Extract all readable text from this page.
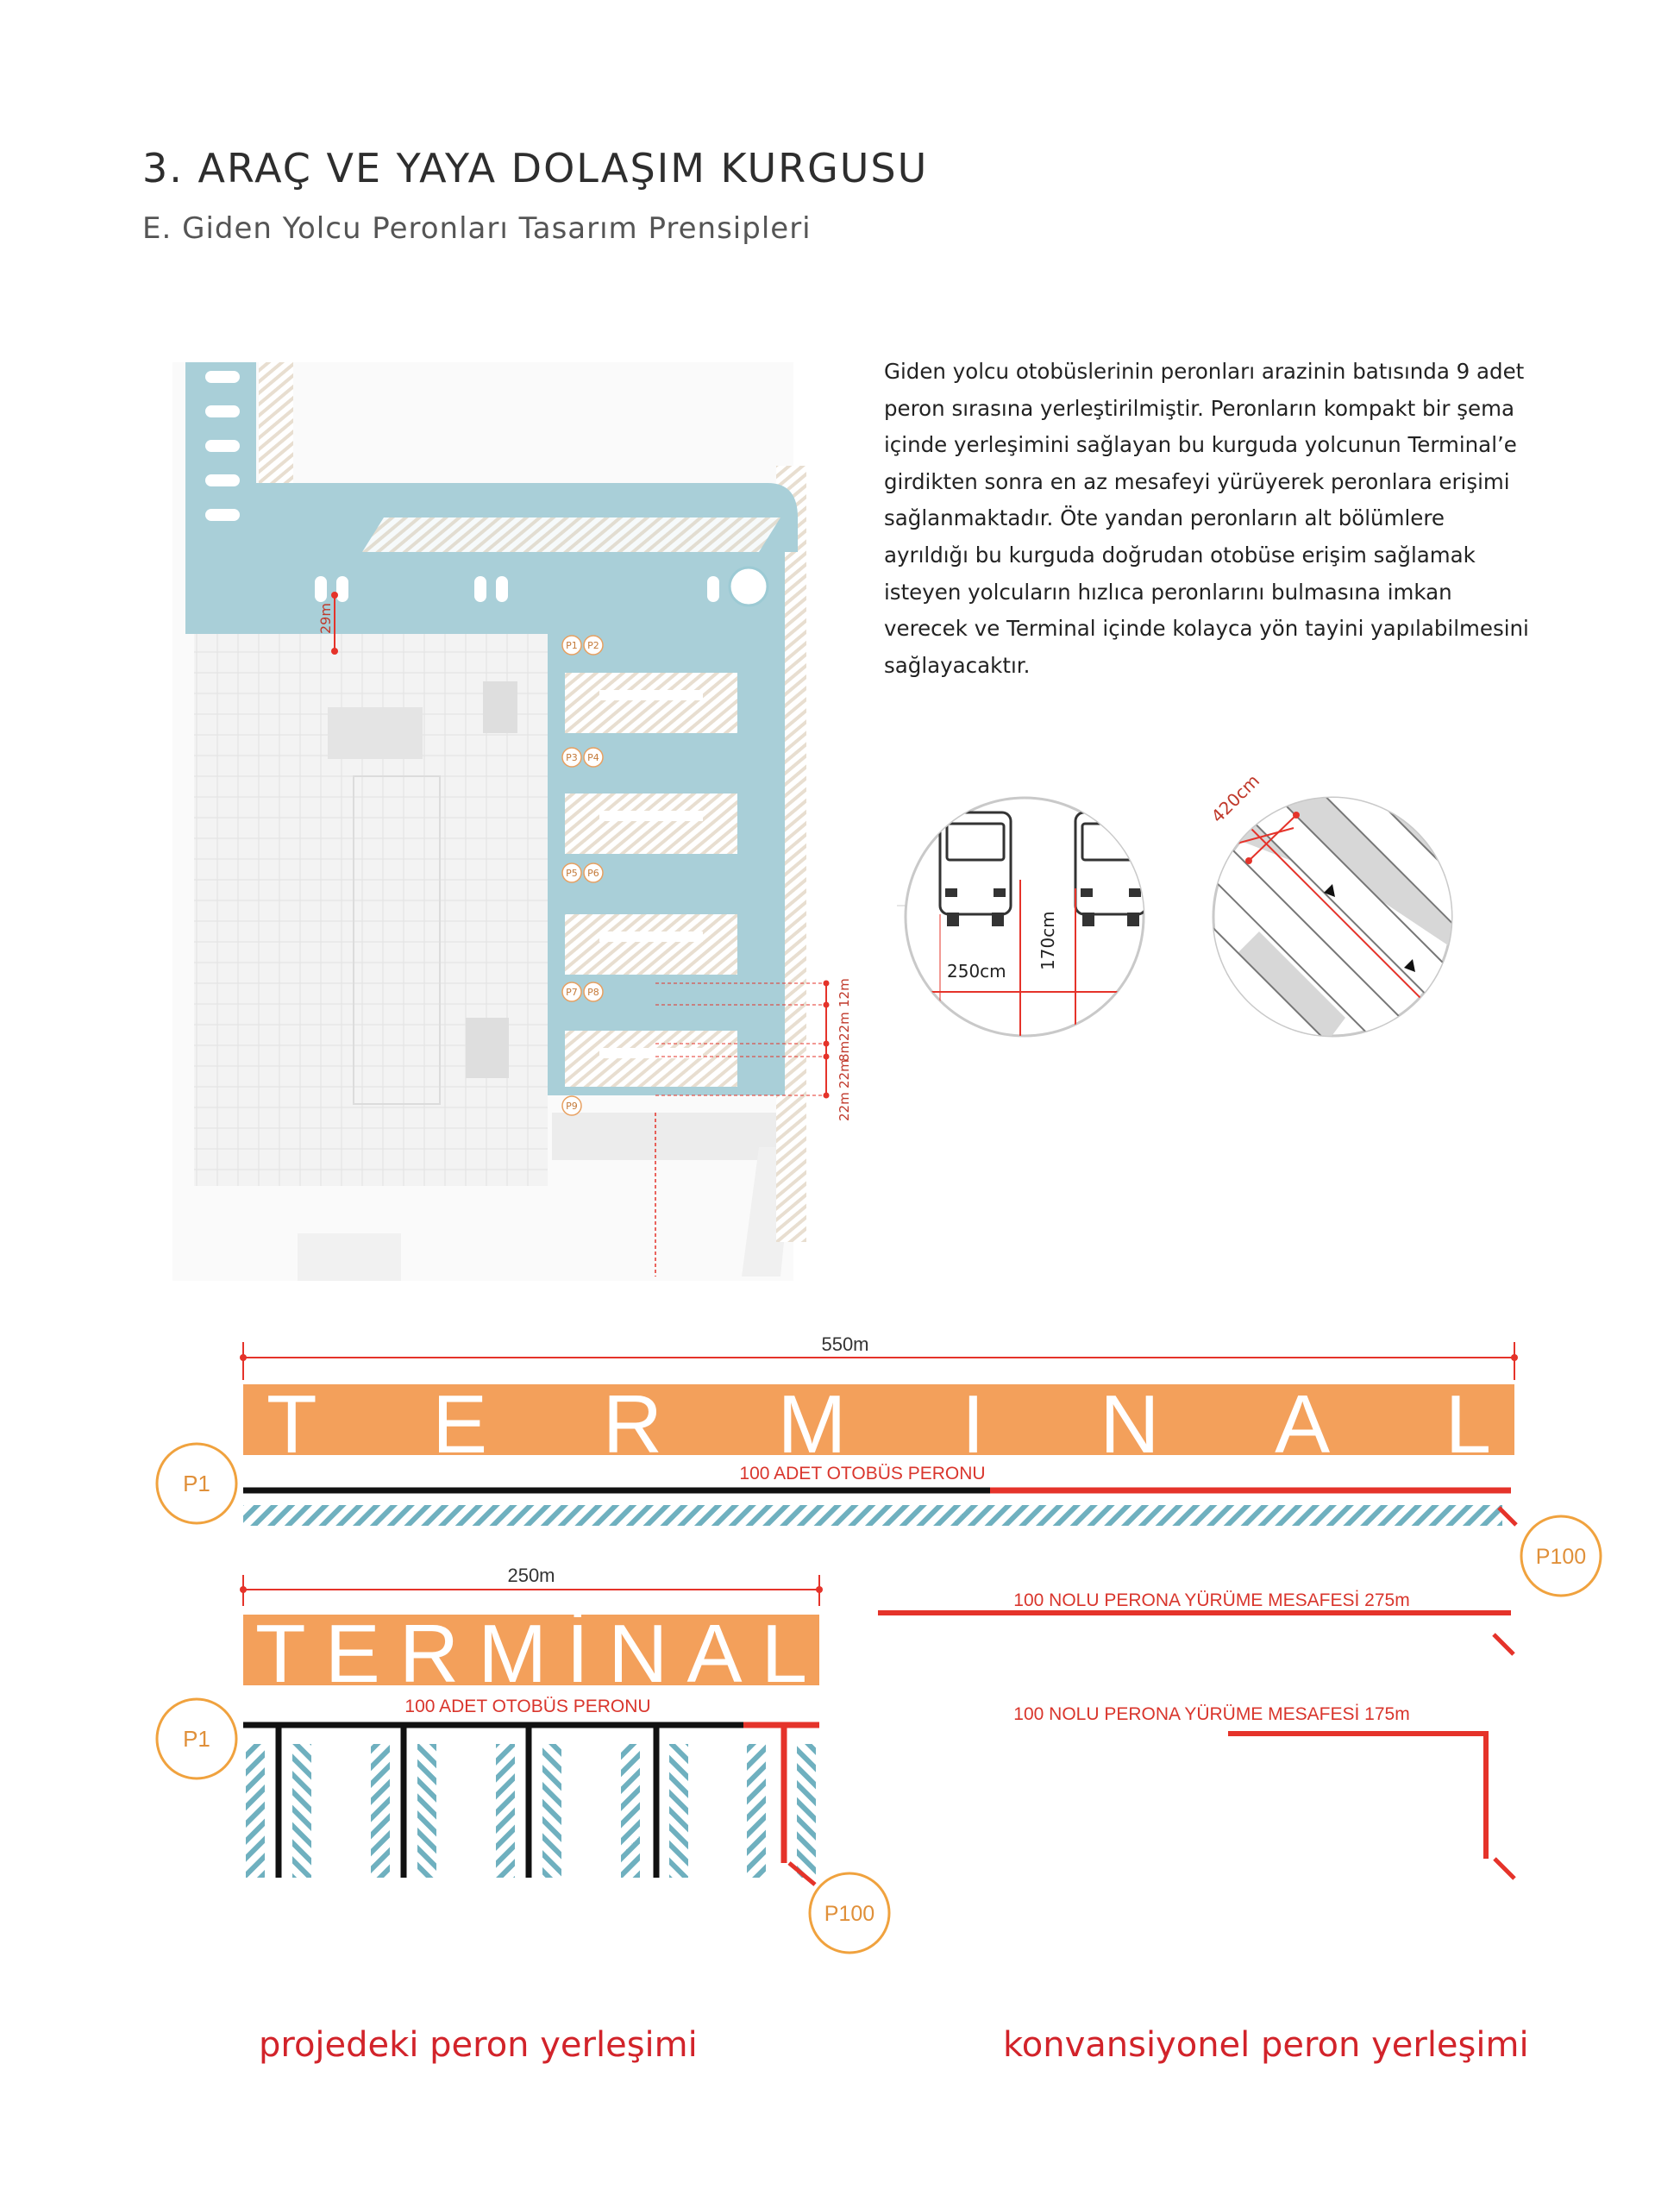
3. ARAÇ VE YAYA DOLAŞIM KURGUSU
E. Giden Yolcu Peronları Tasarım Prensipleri
Giden yolcu otobüslerinin peronları arazinin batısında 9 adet
peron sırasına yerleştirilmiştir. Peronların kompakt bir şema
içinde yerleşimini sağlayan bu kurguda yolcunun Terminal’e
girdikten sonra en az mesafeyi yürüyerek peronlara erişimi
sağlanmaktadır. Öte yandan peronların alt bölümlere
ayrıldığı bu kurguda doğrudan otobüse erişim sağlamak
isteyen yolcuların hızlıca peronlarını bulmasına imkan
verecek ve Terminal içinde kolayca yön tayini yapılabilmesini
sağlayacaktır.
P1 P2
P3 P4
P5 P6
P7 P8
P9
29m
12m
22m
8m
22m
22m
250cm
170cm
420cm
550m
TERMINAL
P1	100 ADET OTOBÜS PERONU
P100
100 NOLU PERONA YÜRÜME MESAFESİ 275m
250m
TERMİNAL
100 ADET OTOBÜS PERONU
P1
P100
100 NOLU PERONA YÜRÜME MESAFESİ 175m
projedeki peron yerleşimi	konvansiyonel peron yerleşimi
